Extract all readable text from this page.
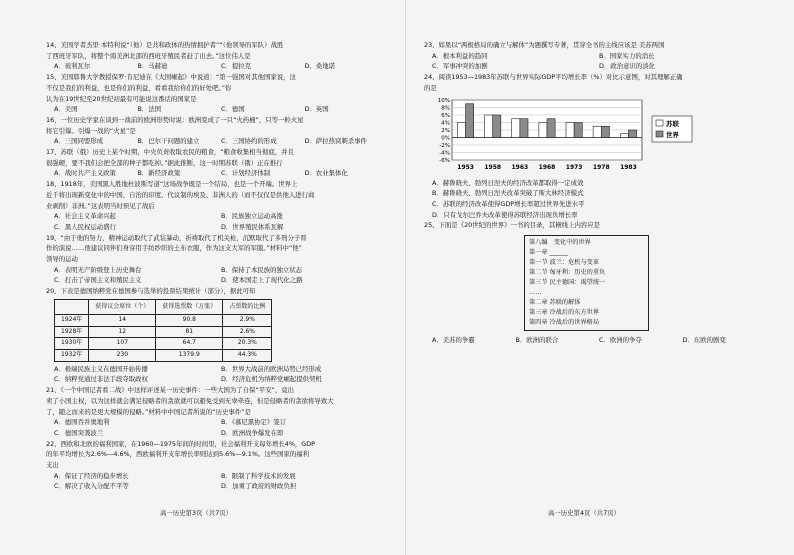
14、美国学者杰里·本特利说“（他）是共和政体的热情拥护者”“（他领导的军队）战胜

了西班牙军队，将整个南美洲北部的西班牙殖民者赶了出去。”这位伟人是

A．玻利瓦尔	B．马赫迪	C．提拉克	D．桑地诺

15、美国耶鲁大学教授保罗·肯尼迪在《大国崛起》中说道：“第一强国对其他国家说，这

不仅是我们的利益，也是你们的利益，看看我给你们的好处吧。”你

认为在19世纪至20世纪初最有可能说这番话的国家是

A．美国	B．法国	C．德国	D．英国

16、一位历史学家在谈到一战前的欧洲形势时说：欧洲变成了一只“火药桶”，只等一粒火星

将它引爆。引爆一战的“火星”是

A．三国同盟形成	B．巴尔干问题的建立	C．三国协约的形成	D．萨拉热窝刺杀事件

17、苏联（俄）历史上某个时期，中央负责收取农民的粮食，“粮食收集相当彻底，并且

很强硬，要不我们会把全部的种子都吃掉。”据此推断，这一时期苏联（俄）正在推行

A．战时共产主义政策	B．新经济政策	C．计划经济体制	D．农业集体化

18、1918年，美国黑人胜地杜波斯写道“这场战争既是一个结局，也是一个开端。世界上

近千将出现新变化中的中国、自治的印度、代议制的埃及、非洲人的（而不仅仅是供他人进行商

业剥削）非洲。”这表明当时预见了战后

A．社会主义革命兴起	B．民族独立运动高涨
C．黑人民权运动盛行	D．世界殖民体系瓦解

19、“由于他的努力，精神运动取代了武装暴动，祈祷取代了机关枪，沉默取代了多刑分子晋

作的演说……他建议同伴们身穿用手纺纱织的土布衣服，作为这支大军的军服。”材料中“他”

领导的运动

A．表明无产阶级登上历史舞台	B．保持了本民族的独立状态
C．打击了帝国主义和殖民主义	D．使本国走上了现代化之路

20、下表是德国纳粹党在德国参与选举的投票结果统计（部分），据此可知

	获得议会席位（个）	获得选票数（万张）	占票数的比例
1924年	14	90.8	2.9%
1928年	12	81	2.6%
1930年	107	64.7	20.3%
1932年	230	1379.9	44.3%
A．极端民族主义在德国开始传播	B．世界大战前的欧洲局势已经形成
C．纳粹党通过非法手段夺取政权	D．经济危机为纳粹党崛起提供契机

21、《一个中国记者看二战》中这样评述某一历史事件：一些大国为了自保“平安”，竟出

卖了小国主权，以为这样就会满足侵略者的贪欲就可以避免受到无辜牵连，但是侵略者的贪欲将导致大

了，随之而来的是更大规模的侵略。”材料中中国记者所说的“历史事件”是

A．德国吞并奥地利	B．《慕尼黑协定》签订
C．德国突袭波兰	D．欧洲战争爆发在即

22、西欧和北欧的福利国家，在1960—1975年间的时间里，社会福利开支每年增长4%，GDP

的年平均增长为2.6%—4.6%，西欧福利开支年增长率则达到5.6%—9.1%。这些国家的福利

支出

A．保证了经济的稳步增长	B．限制了科学技术的发展
C．解决了收入分配不平等	D．加重了政府的财政负担
高一历史第3页（共7页）

23、如果以“两极格局的确立与解体”为题撰写专著，贯穿全书的主线应该是 美苏两国

A．根本利益的趋同	B．国家实力的消长
C．军事冲突的加剧	D．政治意识的淡化

24、阅读1953—1983年苏联与世界实际GDP平均增长率（%）对比示意图，对其理解正确

的是

10%
8%
6%
4%
2%
0%
-2%
-4%
-6%
1953 1958 1963 1968 1973 1978 1983
苏联
世界
A．赫鲁晓夫、勃列日涅夫的经济改革都取得一定成效
B．赫鲁晓夫、勃列日涅夫改革突破了斯大林经济模式
C．苏联的经济改革使得GDP增长率超过世界先进水平
D．只有戈尔巴乔夫改革使得苏联经济出现负增长率

25、下面是《20世纪的世界》一书的目录，其横线上内容应是

第八编　变化中的世界
第一章 ______
第一节 波兰：危机与变革
第二节 匈牙利：历史的重负
第三节 民主德国：渴望统一
……
第二章 苏联的解体
第三章 冷战后的东方世界
第四章 冷战后的世界格局
A．美苏的争霸	B．欧洲的联合	C．欧洲的争夺	D．东欧的剧变
高一历史第4页（共7页）
